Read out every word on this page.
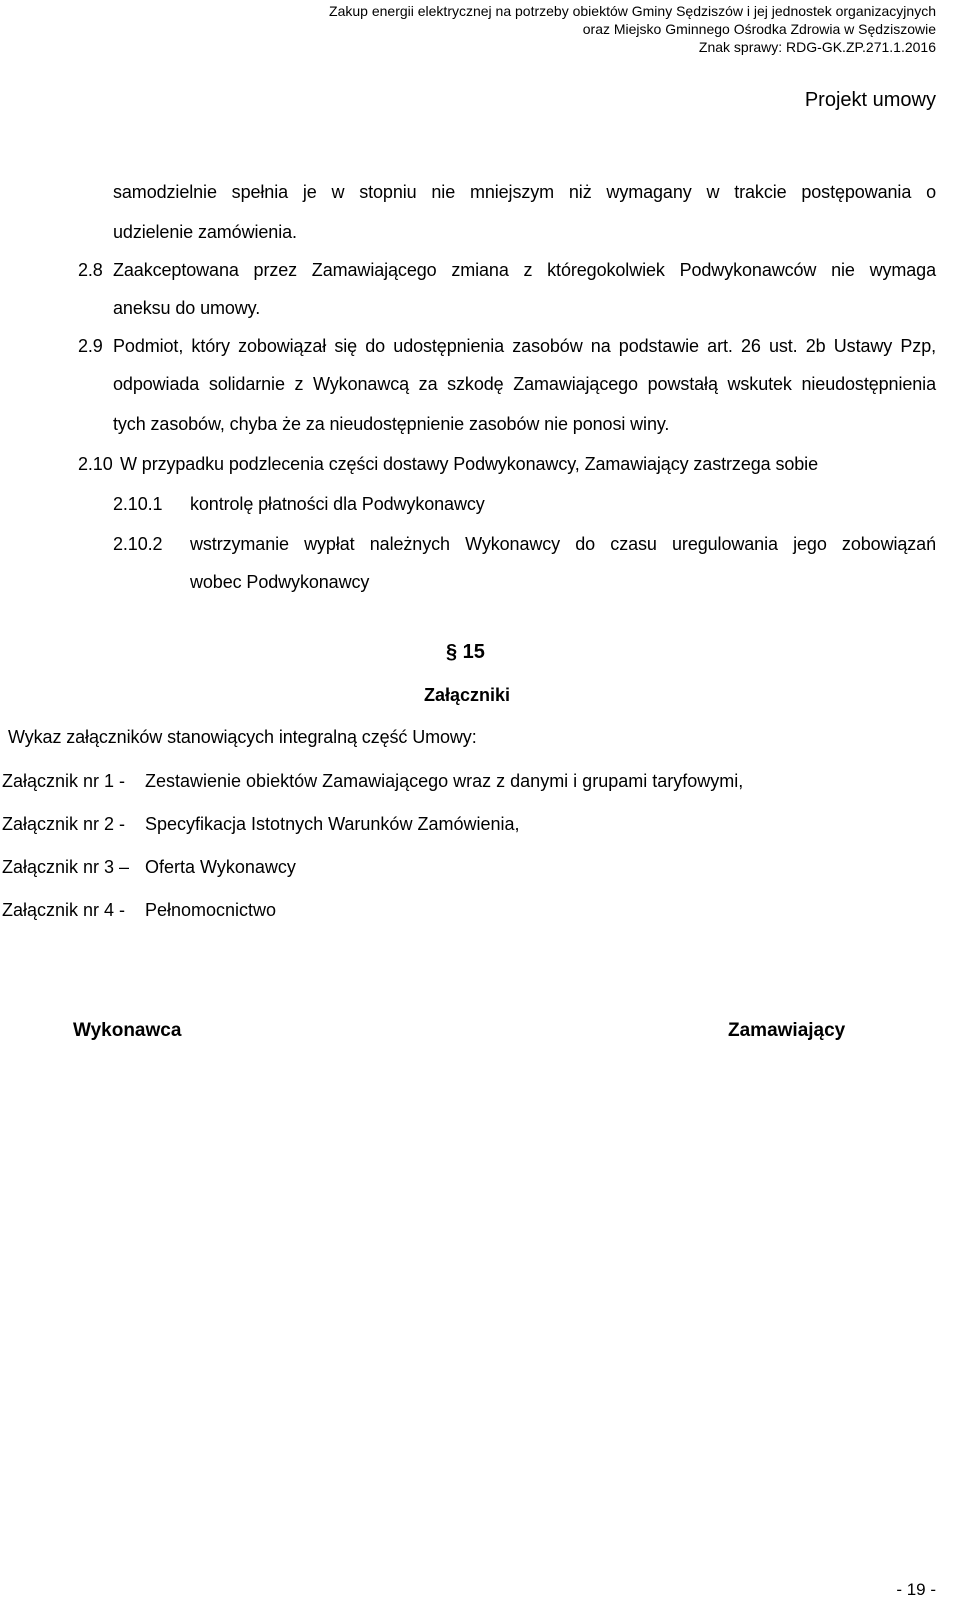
Zakup energii elektrycznej na potrzeby obiektów Gminy Sędziszów i jej jednostek organizacyjnych

oraz Miejsko Gminnego Ośrodka Zdrowia w Sędziszowie

Znak sprawy: RDG-GK.ZP.271.1.2016

Projekt umowy

samodzielnie spełnia je w stopniu nie mniejszym niż wymagany w trakcie postępowania o

udzielenie zamówienia.

2.8 Zaakceptowana przez Zamawiającego zmiana z któregokolwiek Podwykonawców nie wymaga

aneksu do umowy.

2.9 Podmiot, który zobowiązał się do udostępnienia zasobów na podstawie art. 26 ust. 2b Ustawy Pzp,

odpowiada solidarnie z Wykonawcą za szkodę Zamawiającego powstałą wskutek nieudostępnienia

tych zasobów, chyba że za nieudostępnienie zasobów nie ponosi winy.

2.10 W przypadku podzlecenia części dostawy Podwykonawcy, Zamawiający zastrzega sobie

2.10.1 kontrolę płatności dla Podwykonawcy

2.10.2 wstrzymanie wypłat należnych Wykonawcy do czasu uregulowania jego zobowiązań

wobec Podwykonawcy

§ 15

Załączniki

Wykaz załączników stanowiących integralną część Umowy:

Załącznik nr 1 - Zestawienie obiektów Zamawiającego wraz z danymi i grupami taryfowymi,

Załącznik nr 2 - Specyfikacja Istotnych Warunków Zamówienia,

Załącznik nr 3 – Oferta Wykonawcy

Załącznik nr 4 - Pełnomocnictwo

Wykonawca	Zamawiający

- 19 -
